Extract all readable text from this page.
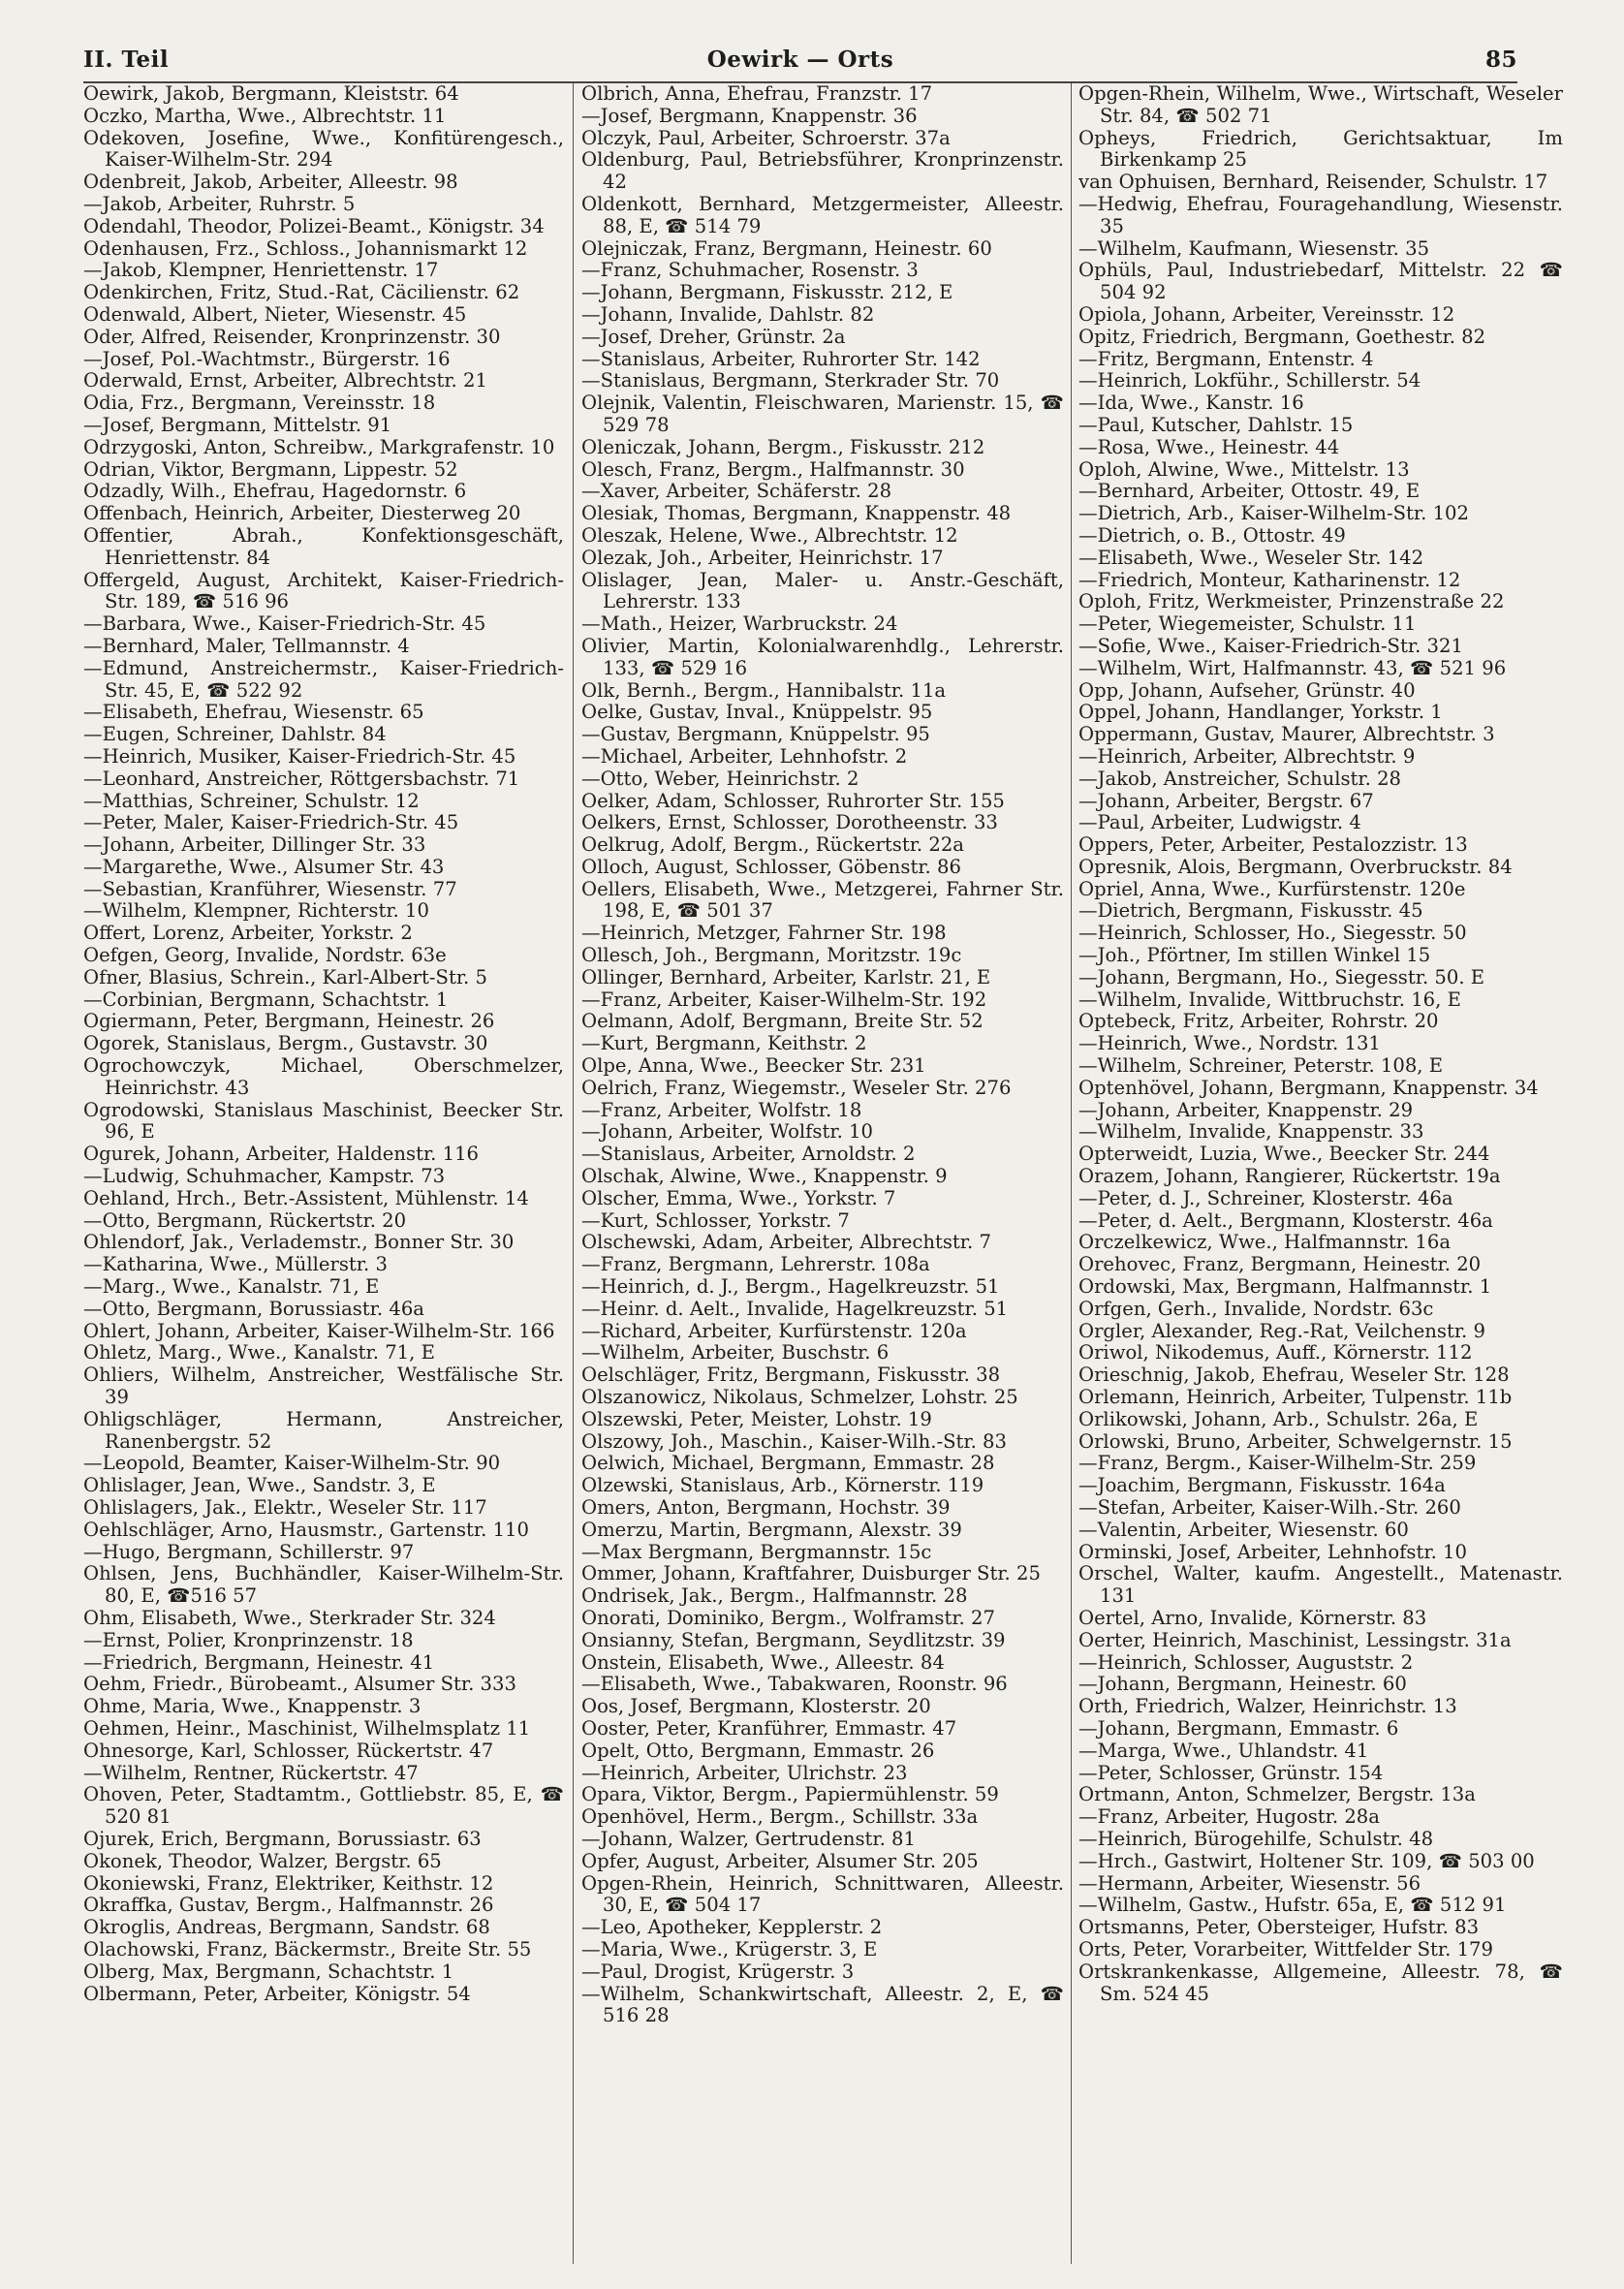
II. Teil	Oewirk — Orts	85
Oewirk, Jakob, Bergmann, Kleiststr. 64
Oczko, Martha, Wwe., Albrechtstr. 11
Odekoven, Josefine, Wwe., Konfitürengesch., Kaiser-Wilhelm-Str. 294
Odenbreit, Jakob, Arbeiter, Alleestr. 98
—Jakob, Arbeiter, Ruhrstr. 5
Odendahl, Theodor, Polizei-Beamt., Königstr. 34
Odenhausen, Frz., Schloss., Johannismarkt 12
—Jakob, Klempner, Henriettenstr. 17
Odenkirchen, Fritz, Stud.-Rat, Cäcilienstr. 62
Odenwald, Albert, Nieter, Wiesenstr. 45
Oder, Alfred, Reisender, Kronprinzenstr. 30
—Josef, Pol.-Wachtmstr., Bürgerstr. 16
Oderwald, Ernst, Arbeiter, Albrechtstr. 21
Odia, Frz., Bergmann, Vereinsstr. 18
—Josef, Bergmann, Mittelstr. 91
Odrzygoski, Anton, Schreibw., Markgrafenstr. 10
Odrian, Viktor, Bergmann, Lippestr. 52
Odzadly, Wilh., Ehefrau, Hagedornstr. 6
Offenbach, Heinrich, Arbeiter, Diesterweg 20
Offentier, Abrah., Konfektionsgeschäft, Henriettenstr. 84
Offergeld, August, Architekt, Kaiser-Friedrich-Str. 189, ☎ 516 96
—Barbara, Wwe., Kaiser-Friedrich-Str. 45
—Bernhard, Maler, Tellmannstr. 4
—Edmund, Anstreichermstr., Kaiser-Friedrich-Str. 45, E, ☎ 522 92
—Elisabeth, Ehefrau, Wiesenstr. 65
—Eugen, Schreiner, Dahlstr. 84
—Heinrich, Musiker, Kaiser-Friedrich-Str. 45
—Leonhard, Anstreicher, Röttgersbachstr. 71
—Matthias, Schreiner, Schulstr. 12
—Peter, Maler, Kaiser-Friedrich-Str. 45
—Johann, Arbeiter, Dillinger Str. 33
—Margarethe, Wwe., Alsumer Str. 43
—Sebastian, Kranführer, Wiesenstr. 77
—Wilhelm, Klempner, Richterstr. 10
Offert, Lorenz, Arbeiter, Yorkstr. 2
Oefgen, Georg, Invalide, Nordstr. 63e
Ofner, Blasius, Schrein., Karl-Albert-Str. 5
—Corbinian, Bergmann, Schachtstr. 1
Ogiermann, Peter, Bergmann, Heinestr. 26
Ogorek, Stanislaus, Bergm., Gustavstr. 30
Ogrochowczyk, Michael, Oberschmelzer, Heinrichstr. 43
Ogrodowski, Stanislaus Maschinist, Beecker Str. 96, E
Ogurek, Johann, Arbeiter, Haldenstr. 116
—Ludwig, Schuhmacher, Kampstr. 73
Oehland, Hrch., Betr.-Assistent, Mühlenstr. 14
—Otto, Bergmann, Rückertstr. 20
Ohlendorf, Jak., Verlademstr., Bonner Str. 30
—Katharina, Wwe., Müllerstr. 3
—Marg., Wwe., Kanalstr. 71, E
—Otto, Bergmann, Borussiastr. 46a
Ohlert, Johann, Arbeiter, Kaiser-Wilhelm-Str. 166
Ohletz, Marg., Wwe., Kanalstr. 71, E
Ohliers, Wilhelm, Anstreicher, Westfälische Str. 39
Ohligschläger, Hermann, Anstreicher, Ranenbergstr. 52
—Leopold, Beamter, Kaiser-Wilhelm-Str. 90
Ohlislager, Jean, Wwe., Sandstr. 3, E
Ohlislagers, Jak., Elektr., Weseler Str. 117
Oehlschläger, Arno, Hausmstr., Gartenstr. 110
—Hugo, Bergmann, Schillerstr. 97
Ohlsen, Jens, Buchhändler, Kaiser-Wilhelm-Str. 80, E, ☎516 57
Ohm, Elisabeth, Wwe., Sterkrader Str. 324
—Ernst, Polier, Kronprinzenstr. 18
—Friedrich, Bergmann, Heinestr. 41
Oehm, Friedr., Bürobeamt., Alsumer Str. 333
Ohme, Maria, Wwe., Knappenstr. 3
Oehmen, Heinr., Maschinist, Wilhelmsplatz 11
Ohnesorge, Karl, Schlosser, Rückertstr. 47
—Wilhelm, Rentner, Rückertstr. 47
Ohoven, Peter, Stadtamtm., Gottliebstr. 85, E, ☎ 520 81
Ojurek, Erich, Bergmann, Borussiastr. 63
Okonek, Theodor, Walzer, Bergstr. 65
Okoniewski, Franz, Elektriker, Keithstr. 12
Okraffka, Gustav, Bergm., Halfmannstr. 26
Okroglis, Andreas, Bergmann, Sandstr. 68
Olachowski, Franz, Bäckermstr., Breite Str. 55
Olberg, Max, Bergmann, Schachtstr. 1
Olbermann, Peter, Arbeiter, Königstr. 54
Olbrich, Anna, Ehefrau, Franzstr. 17
—Josef, Bergmann, Knappenstr. 36
Olczyk, Paul, Arbeiter, Schroerstr. 37a
Oldenburg, Paul, Betriebsführer, Kronprinzenstr. 42
Oldenkott, Bernhard, Metzgermeister, Alleestr. 88, E, ☎ 514 79
Olejniczak, Franz, Bergmann, Heinestr. 60
—Franz, Schuhmacher, Rosenstr. 3
—Johann, Bergmann, Fiskusstr. 212, E
—Johann, Invalide, Dahlstr. 82
—Josef, Dreher, Grünstr. 2a
—Stanislaus, Arbeiter, Ruhrorter Str. 142
—Stanislaus, Bergmann, Sterkrader Str. 70
Olejnik, Valentin, Fleischwaren, Marienstr. 15, ☎ 529 78
Oleniczak, Johann, Bergm., Fiskusstr. 212
Olesch, Franz, Bergm., Halfmannstr. 30
—Xaver, Arbeiter, Schäferstr. 28
Olesiak, Thomas, Bergmann, Knappenstr. 48
Oleszak, Helene, Wwe., Albrechtstr. 12
Olezak, Joh., Arbeiter, Heinrichstr. 17
Olislager, Jean, Maler- u. Anstr.-Geschäft, Lehrerstr. 133
—Math., Heizer, Warbruckstr. 24
Olivier, Martin, Kolonialwarenhdlg., Lehrerstr. 133, ☎ 529 16
Olk, Bernh., Bergm., Hannibalstr. 11a
Oelke, Gustav, Inval., Knüppelstr. 95
—Gustav, Bergmann, Knüppelstr. 95
—Michael, Arbeiter, Lehnhofstr. 2
—Otto, Weber, Heinrichstr. 2
Oelker, Adam, Schlosser, Ruhrorter Str. 155
Oelkers, Ernst, Schlosser, Dorotheenstr. 33
Oelkrug, Adolf, Bergm., Rückertstr. 22a
Olloch, August, Schlosser, Göbenstr. 86
Oellers, Elisabeth, Wwe., Metzgerei, Fahrner Str. 198, E, ☎ 501 37
—Heinrich, Metzger, Fahrner Str. 198
Ollesch, Joh., Bergmann, Moritzstr. 19c
Ollinger, Bernhard, Arbeiter, Karlstr. 21, E
—Franz, Arbeiter, Kaiser-Wilhelm-Str. 192
Oelmann, Adolf, Bergmann, Breite Str. 52
—Kurt, Bergmann, Keithstr. 2
Olpe, Anna, Wwe., Beecker Str. 231
Oelrich, Franz, Wiegemstr., Weseler Str. 276
—Franz, Arbeiter, Wolfstr. 18
—Johann, Arbeiter, Wolfstr. 10
—Stanislaus, Arbeiter, Arnoldstr. 2
Olschak, Alwine, Wwe., Knappenstr. 9
Olscher, Emma, Wwe., Yorkstr. 7
—Kurt, Schlosser, Yorkstr. 7
Olschewski, Adam, Arbeiter, Albrechtstr. 7
—Franz, Bergmann, Lehrerstr. 108a
—Heinrich, d. J., Bergm., Hagelkreuzstr. 51
—Heinr. d. Aelt., Invalide, Hagelkreuzstr. 51
—Richard, Arbeiter, Kurfürstenstr. 120a
—Wilhelm, Arbeiter, Buschstr. 6
Oelschläger, Fritz, Bergmann, Fiskusstr. 38
Olszanowicz, Nikolaus, Schmelzer, Lohstr. 25
Olszewski, Peter, Meister, Lohstr. 19
Olszowy, Joh., Maschin., Kaiser-Wilh.-Str. 83
Oelwich, Michael, Bergmann, Emmastr. 28
Olzewski, Stanislaus, Arb., Körnerstr. 119
Omers, Anton, Bergmann, Hochstr. 39
Omerzu, Martin, Bergmann, Alexstr. 39
—Max Bergmann, Bergmannstr. 15c
Ommer, Johann, Kraftfahrer, Duisburger Str. 25
Ondrisek, Jak., Bergm., Halfmannstr. 28
Onorati, Dominiko, Bergm., Wolframstr. 27
Onsianny, Stefan, Bergmann, Seydlitzstr. 39
Onstein, Elisabeth, Wwe., Alleestr. 84
—Elisabeth, Wwe., Tabakwaren, Roonstr. 96
Oos, Josef, Bergmann, Klosterstr. 20
Ooster, Peter, Kranführer, Emmastr. 47
Opelt, Otto, Bergmann, Emmastr. 26
—Heinrich, Arbeiter, Ulrichstr. 23
Opara, Viktor, Bergm., Papiermühlenstr. 59
Openhövel, Herm., Bergm., Schillstr. 33a
—Johann, Walzer, Gertrudenstr. 81
Opfer, August, Arbeiter, Alsumer Str. 205
Opgen-Rhein, Heinrich, Schnittwaren, Alleestr. 30, E, ☎ 504 17
—Leo, Apotheker, Kepplerstr. 2
—Maria, Wwe., Krügerstr. 3, E
—Paul, Drogist, Krügerstr. 3
—Wilhelm, Schankwirtschaft, Alleestr. 2, E, ☎ 516 28
Opgen-Rhein, Wilhelm, Wwe., Wirtschaft, Weseler Str. 84, ☎ 502 71
Opheys, Friedrich, Gerichtsaktuar, Im Birkenkamp 25
van Ophuisen, Bernhard, Reisender, Schulstr. 17
—Hedwig, Ehefrau, Fouragehandlung, Wiesenstr. 35
—Wilhelm, Kaufmann, Wiesenstr. 35
Ophüls, Paul, Industriebedarf, Mittelstr. 22 ☎ 504 92
Opiola, Johann, Arbeiter, Vereinsstr. 12
Opitz, Friedrich, Bergmann, Goethestr. 82
—Fritz, Bergmann, Entenstr. 4
—Heinrich, Lokführ., Schillerstr. 54
—Ida, Wwe., Kanstr. 16
—Paul, Kutscher, Dahlstr. 15
—Rosa, Wwe., Heinestr. 44
Oploh, Alwine, Wwe., Mittelstr. 13
—Bernhard, Arbeiter, Ottostr. 49, E
—Dietrich, Arb., Kaiser-Wilhelm-Str. 102
—Dietrich, o. B., Ottostr. 49
—Elisabeth, Wwe., Weseler Str. 142
—Friedrich, Monteur, Katharinenstr. 12
Oploh, Fritz, Werkmeister, Prinzenstraße 22
—Peter, Wiegemeister, Schulstr. 11
—Sofie, Wwe., Kaiser-Friedrich-Str. 321
—Wilhelm, Wirt, Halfmannstr. 43, ☎ 521 96
Opp, Johann, Aufseher, Grünstr. 40
Oppel, Johann, Handlanger, Yorkstr. 1
Oppermann, Gustav, Maurer, Albrechtstr. 3
—Heinrich, Arbeiter, Albrechtstr. 9
—Jakob, Anstreicher, Schulstr. 28
—Johann, Arbeiter, Bergstr. 67
—Paul, Arbeiter, Ludwigstr. 4
Oppers, Peter, Arbeiter, Pestalozzistr. 13
Opresnik, Alois, Bergmann, Overbruckstr. 84
Opriel, Anna, Wwe., Kurfürstenstr. 120e
—Dietrich, Bergmann, Fiskusstr. 45
—Heinrich, Schlosser, Ho., Siegesstr. 50
—Joh., Pförtner, Im stillen Winkel 15
—Johann, Bergmann, Ho., Siegesstr. 50. E
—Wilhelm, Invalide, Wittbruchstr. 16, E
Optebeck, Fritz, Arbeiter, Rohrstr. 20
—Heinrich, Wwe., Nordstr. 131
—Wilhelm, Schreiner, Peterstr. 108, E
Optenhövel, Johann, Bergmann, Knappenstr. 34
—Johann, Arbeiter, Knappenstr. 29
—Wilhelm, Invalide, Knappenstr. 33
Opterweidt, Luzia, Wwe., Beecker Str. 244
Orazem, Johann, Rangierer, Rückertstr. 19a
—Peter, d. J., Schreiner, Klosterstr. 46a
—Peter, d. Aelt., Bergmann, Klosterstr. 46a
Orczelkewicz, Wwe., Halfmannstr. 16a
Orehovec, Franz, Bergmann, Heinestr. 20
Ordowski, Max, Bergmann, Halfmannstr. 1
Orfgen, Gerh., Invalide, Nordstr. 63c
Orgler, Alexander, Reg.-Rat, Veilchenstr. 9
Oriwol, Nikodemus, Auff., Körnerstr. 112
Orieschnig, Jakob, Ehefrau, Weseler Str. 128
Orlemann, Heinrich, Arbeiter, Tulpenstr. 11b
Orlikowski, Johann, Arb., Schulstr. 26a, E
Orlowski, Bruno, Arbeiter, Schwelgernstr. 15
—Franz, Bergm., Kaiser-Wilhelm-Str. 259
—Joachim, Bergmann, Fiskusstr. 164a
—Stefan, Arbeiter, Kaiser-Wilh.-Str. 260
—Valentin, Arbeiter, Wiesenstr. 60
Orminski, Josef, Arbeiter, Lehnhofstr. 10
Orschel, Walter, kaufm. Angestellt., Matenastr. 131
Oertel, Arno, Invalide, Körnerstr. 83
Oerter, Heinrich, Maschinist, Lessingstr. 31a
—Heinrich, Schlosser, Auguststr. 2
—Johann, Bergmann, Heinestr. 60
Orth, Friedrich, Walzer, Heinrichstr. 13
—Johann, Bergmann, Emmastr. 6
—Marga, Wwe., Uhlandstr. 41
—Peter, Schlosser, Grünstr. 154
Ortmann, Anton, Schmelzer, Bergstr. 13a
—Franz, Arbeiter, Hugostr. 28a
—Heinrich, Bürogehilfe, Schulstr. 48
—Hrch., Gastwirt, Holtener Str. 109, ☎ 503 00
—Hermann, Arbeiter, Wiesenstr. 56
—Wilhelm, Gastw., Hufstr. 65a, E, ☎ 512 91
Ortsmanns, Peter, Obersteiger, Hufstr. 83
Orts, Peter, Vorarbeiter, Wittfelder Str. 179
Ortskrankenkasse, Allgemeine, Alleestr. 78, ☎ Sm. 524 45
